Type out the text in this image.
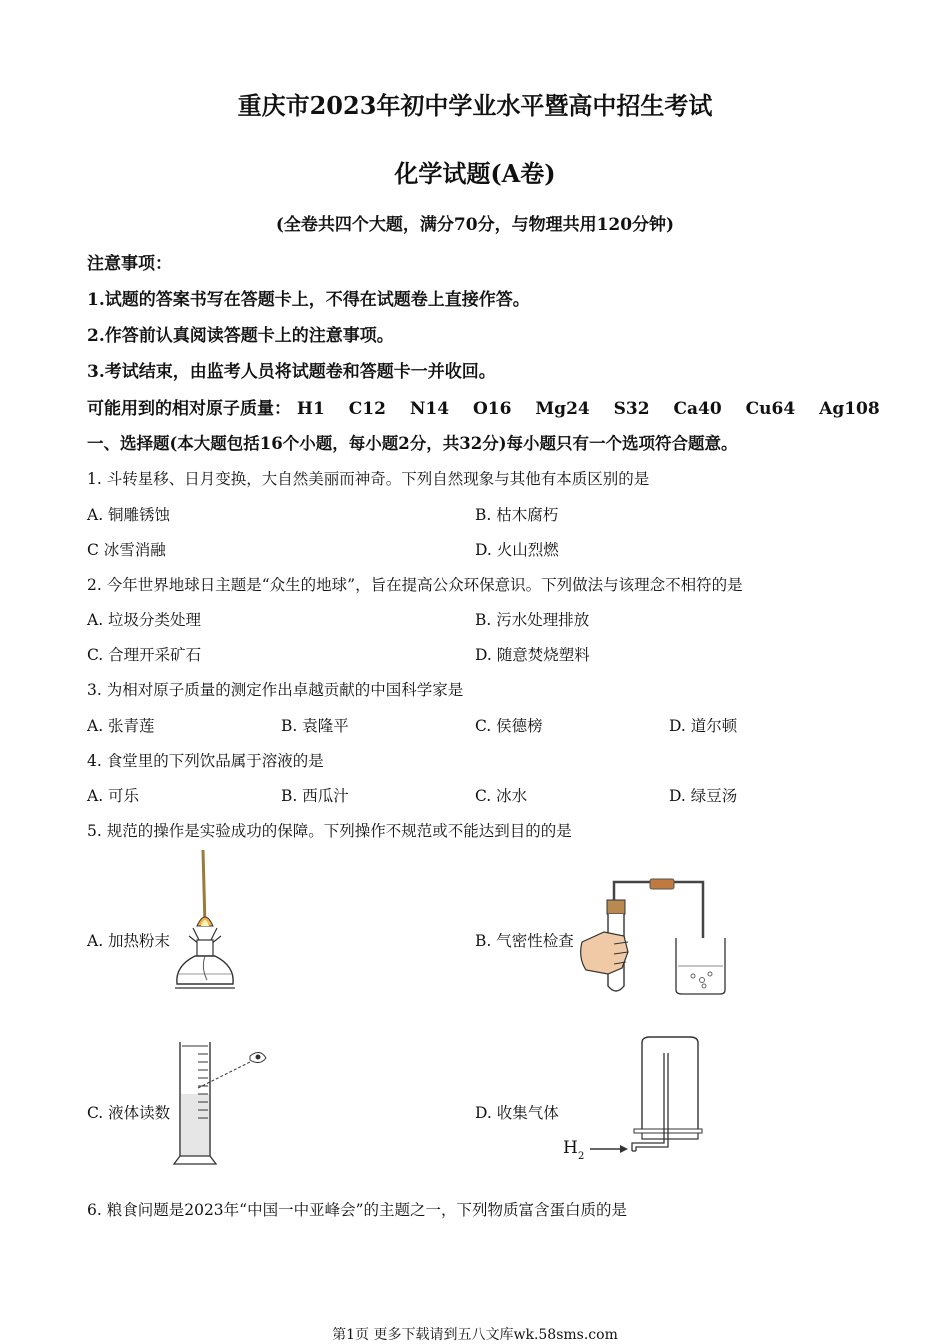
重庆市2023年初中学业水平暨高中招生考试
化学试题(A卷)
(全卷共四个大题，满分70分，与物理共用120分钟)
注意事项：
1.试题的答案书写在答题卡上，不得在试题卷上直接作答。
2.作答前认真阅读答题卡上的注意事项。
3.考试结束，由监考人员将试题卷和答题卡一并收回。
可能用到的相对原子质量： H1 C12 N14 O16 Mg24 S32 Ca40 Cu64 Ag108
一、选择题(本大题包括16个小题，每小题2分，共32分)每小题只有一个选项符合题意。
1. 斗转星移、日月变换，大自然美丽而神奇。下列自然现象与其他有本质区别的是
A. 铜雕锈蚀	B. 枯木腐朽
C 冰雪消融	D. 火山烈燃
2. 今年世界地球日主题是“众生的地球”，旨在提高公众环保意识。下列做法与该理念不相符的是
A. 垃圾分类处理	B. 污水处理排放
C. 合理开采矿石	D. 随意焚烧塑料
3. 为相对原子质量的测定作出卓越贡献的中国科学家是
A. 张青莲	B. 袁隆平	C. 侯德榜	D. 道尔顿
4. 食堂里的下列饮品属于溶液的是
A. 可乐	B. 西瓜汁	C. 冰水	D. 绿豆汤
5. 规范的操作是实验成功的保障。下列操作不规范或不能达到目的的是
A. 加热粉末	B. 气密性检查
C. 液体读数	D. 收集气体
H 2
6. 粮食问题是2023年“中国一中亚峰会”的主题之一，下列物质富含蛋白质的是
第1页 更多下载请到五八文库wk.58sms.com
